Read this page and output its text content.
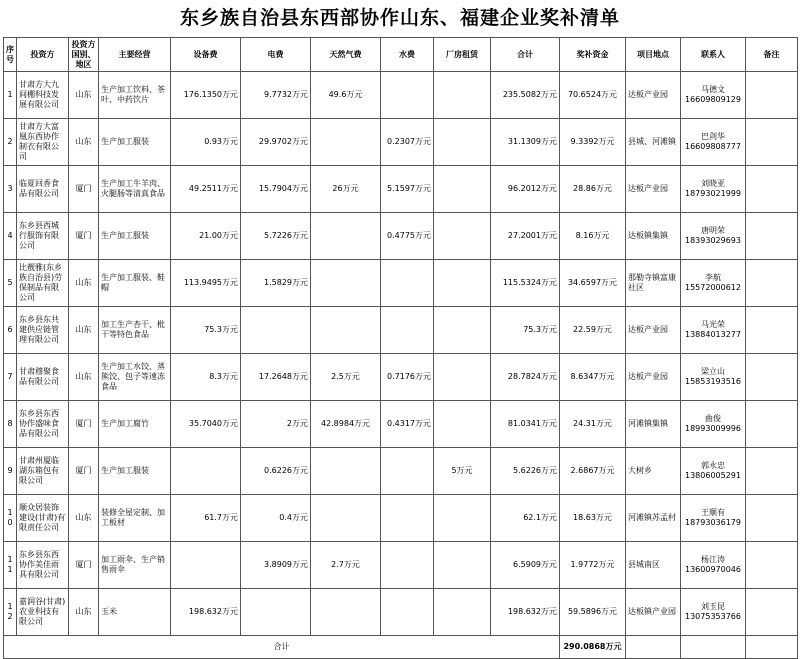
东乡族自治县东西部协作山东、福建企业奖补清单
序号	投资方	投资方国别、地区	主要经营	设备费	电费	天然气费	水费	厂房租赁	合计	奖补资金	项目地点	联系人	备注
1	甘肃方大九间棚科技发展有限公司	山东	生产加工饮料、茶叶、中药饮片	176.1350万元	9.7732万元	49.6万元			235.5082万元	70.6524万元	达板产业园	马德文
16609809129	

2	甘肃方大富凰东西协作制衣有限公司	山东	生产加工服装	0.93万元	29.9702万元		0.2307万元		31.1309万元	9.3392万元	县城、河滩镇	巴剑华
16609808777	

3	临夏回香食品有限公司	厦门	生产加工牛羊肉、火腿肠等清真食品	49.2511万元	15.7904万元	26万元	5.1597万元		96.2012万元	28.86万元	达板产业园	刘晓亚
18793021999	

4	东乡县西城行服饰有限公司	厦门	生产加工服装	21.00万元	5.7226万元		0.4775万元		27.2001万元	8.16万元	达板镇集镇	唐明荣
18393029693	

5	比靓雅(东乡族自治县)劳保制品有限公司	山东	生产加工服装、鞋帽	113.9495万元	1.5829万元				115.5324万元	34.6597万元	那勒寺镇富康社区	李航
15572000612	

6	东乡县东共建供应链管理有限公司	山东	加工生产杏干、枇干等特色食品	75.3万元					75.3万元	22.59万元	达板产业园	马光荣
13884013277	

7	甘肃穆聚食品有限公司	山东	生产加工水饺、蒸熊饺、包子等速冻食品	8.3万元	17.2648万元	2.5万元	0.7176万元		28.7824万元	8.6347万元	达板产业园	梁立山
15853193516	

8	东乡县东西协作盛味食品有限公司	厦门	生产加工腐竹	35.7040万元	2万元	42.8984万元	0.4317万元		81.0341万元	24.31万元	河滩镇集镇	曲俊
18993009996	

9	甘肃州厦临湖东箱包有限公司	厦门	生产加工服装		0.6226万元			5万元	5.6226万元	2.6867万元	大树乡	郭永忠
13806005291	

10	顺众居装饰建设(甘肃)有限责任公司	山东	装修全屋定制、加工板材	61.7万元	0.4万元				62.1万元	18.63万元	河滩镇苏孟村	王顺有
18793036179	

11	东乡县东西协作美佳雨具有限公司	厦门	加工雨伞、生产销售雨伞		3.8909万元	2.7万元			6.5909万元	1.9772万元	县城南区	杨江涛
13600970046	

12	嘉润谷(甘肃)农业科技有限公司	山东	玉米	198.632万元					198.632万元	59.5896万元	达板镇产业园	刘玉昆
13075353766	

合计										290.0868万元			
